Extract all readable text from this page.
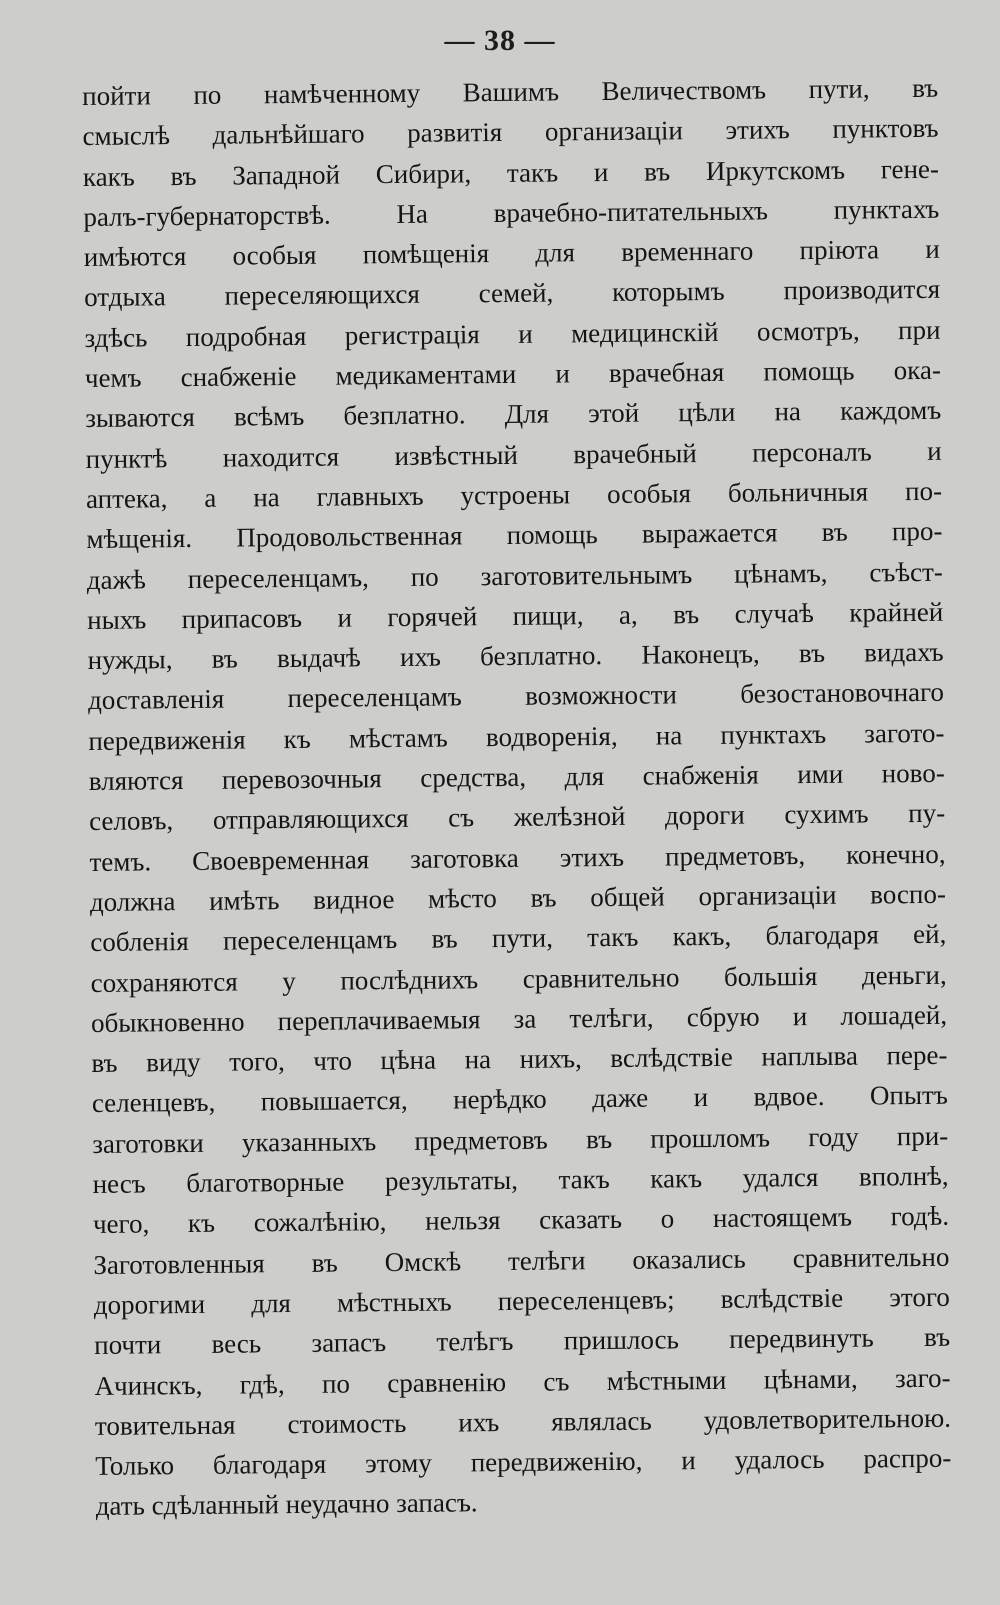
— 38 —
пойти по намѣченному Вашимъ Величествомъ пути, въ
смыслѣ дальнѣйшаго развитія организаціи этихъ пунктовъ
какъ въ Западной Сибири, такъ и въ Иркутскомъ гене-
ралъ-губернаторствѣ. На врачебно-питательныхъ пунктахъ
имѣются особыя помѣщенія для временнаго пріюта и
отдыха переселяющихся семей, которымъ производится
здѣсь подробная регистрація и медицинскій осмотръ, при
чемъ снабженіе медикаментами и врачебная помощь ока-
зываются всѣмъ безплатно. Для этой цѣли на каждомъ
пунктѣ находится извѣстный врачебный персоналъ и
аптека, а на главныхъ устроены особыя больничныя по-
мѣщенія. Продовольственная помощь выражается въ про-
дажѣ переселенцамъ, по заготовительнымъ цѣнамъ, съѣст-
ныхъ припасовъ и горячей пищи, а, въ случаѣ крайней
нужды, въ выдачѣ ихъ безплатно. Наконецъ, въ видахъ
доставленія переселенцамъ возможности безостановочнаго
передвиженія къ мѣстамъ водворенія, на пунктахъ загото-
вляются перевозочныя средства, для снабженія ими ново-
селовъ, отправляющихся съ желѣзной дороги сухимъ пу-
темъ. Своевременная заготовка этихъ предметовъ, конечно,
должна имѣть видное мѣсто въ общей организаціи воспо-
собленія переселенцамъ въ пути, такъ какъ, благодаря ей,
сохраняются у послѣднихъ сравнительно большія деньги,
обыкновенно переплачиваемыя за телѣги, сбрую и лошадей,
въ виду того, что цѣна на нихъ, вслѣдствіе наплыва пере-
селенцевъ, повышается, нерѣдко даже и вдвое. Опытъ
заготовки указанныхъ предметовъ въ прошломъ году при-
несъ благотворные результаты, такъ какъ удался вполнѣ,
чего, къ сожалѣнію, нельзя сказать о настоящемъ годѣ.
Заготовленныя въ Омскѣ телѣги оказались сравнительно
дорогими для мѣстныхъ переселенцевъ; вслѣдствіе этого
почти весь запасъ телѣгъ пришлось передвинуть въ
Ачинскъ, гдѣ, по сравненію съ мѣстными цѣнами, заго-
товительная стоимость ихъ являлась удовлетворительною.
Только благодаря этому передвиженію, и удалось распро-
дать сдѣланный неудачно запасъ.
